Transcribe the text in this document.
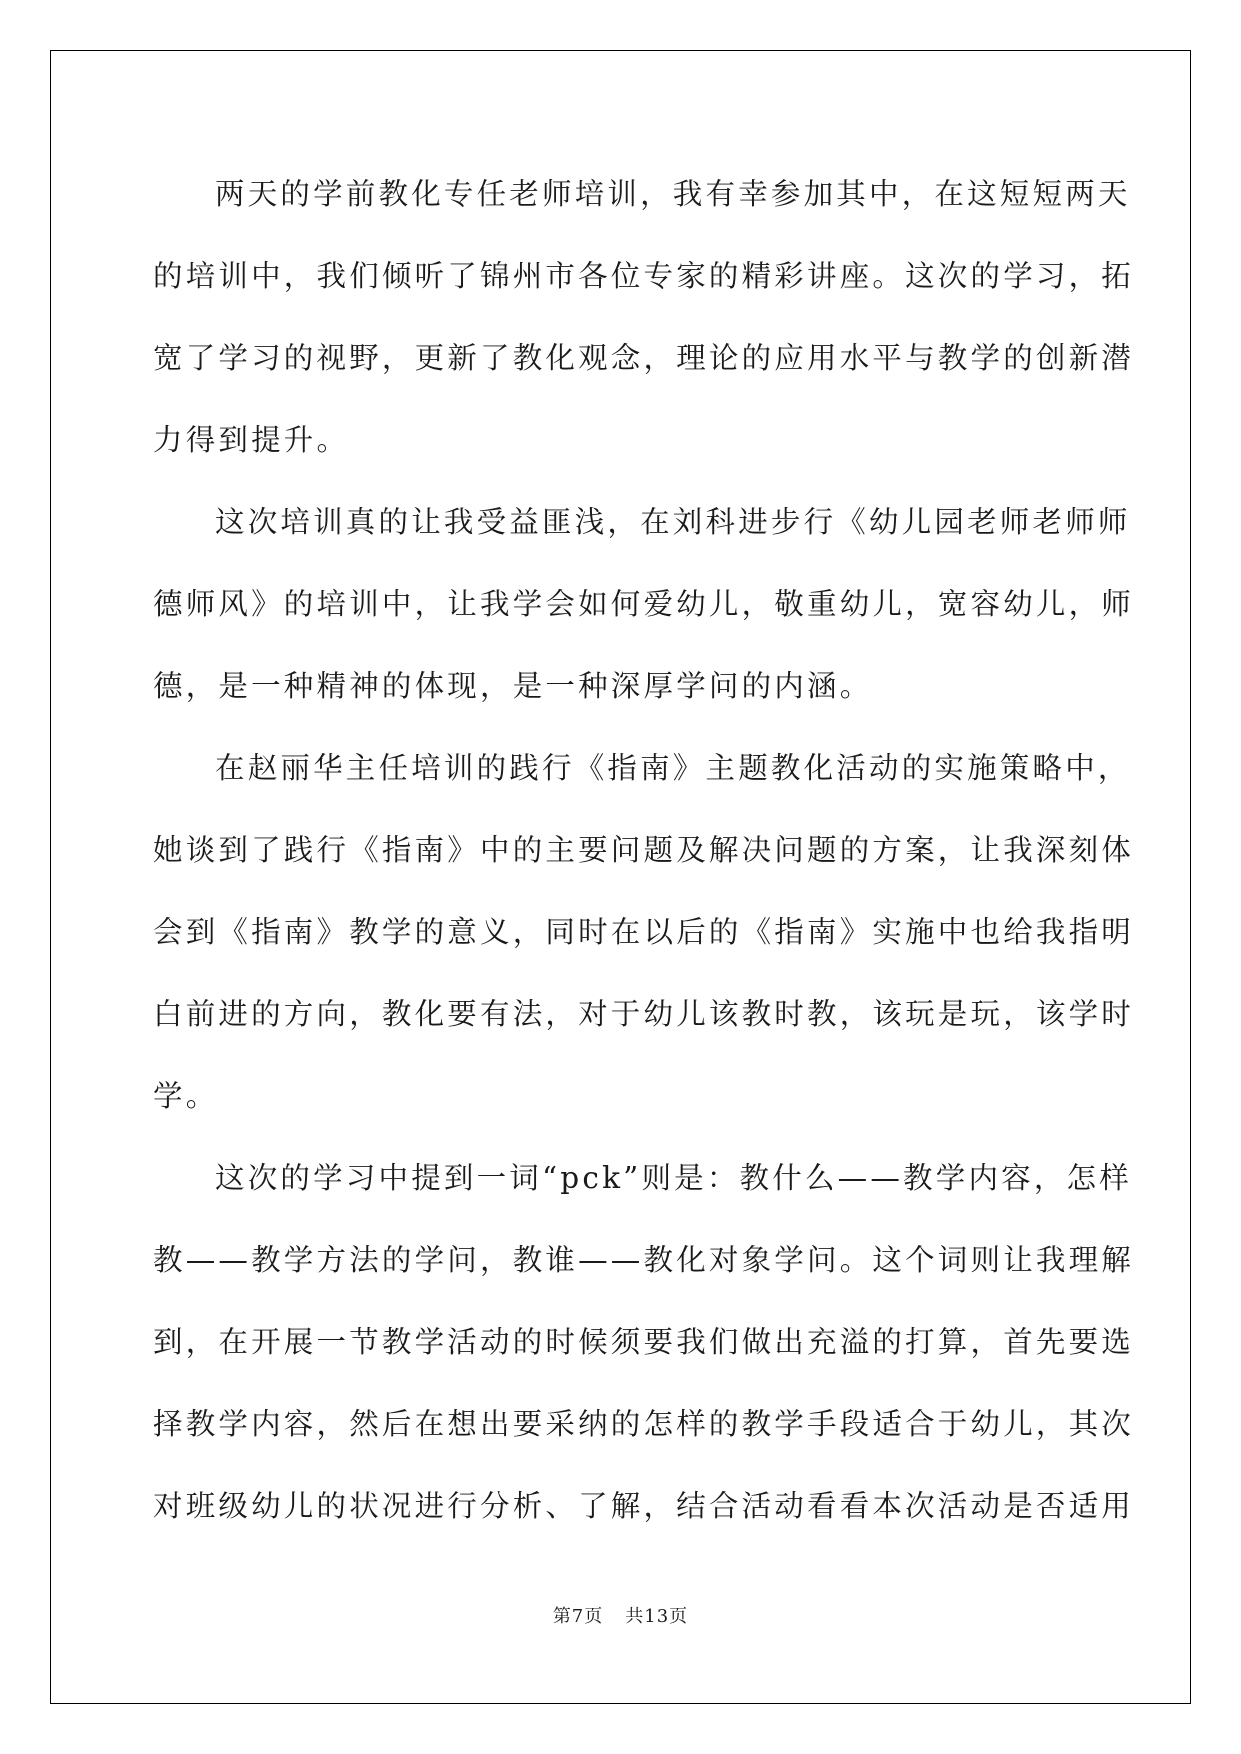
两天的学前教化专任老师培训，我有幸参加其中，在这短短两天
的培训中，我们倾听了锦州市各位专家的精彩讲座。这次的学习，拓
宽了学习的视野，更新了教化观念，理论的应用水平与教学的创新潜
力得到提升。
这次培训真的让我受益匪浅，在刘科进步行《幼儿园老师老师师
德师风》的培训中，让我学会如何爱幼儿，敬重幼儿，宽容幼儿，师
德，是一种精神的体现，是一种深厚学问的内涵。
在赵丽华主任培训的践行《指南》主题教化活动的实施策略中，
她谈到了践行《指南》中的主要问题及解决问题的方案，让我深刻体
会到《指南》教学的意义，同时在以后的《指南》实施中也给我指明
白前进的方向，教化要有法，对于幼儿该教时教，该玩是玩，该学时
学。
这次的学习中提到一词“pck”则是：教什么——教学内容，怎样
教——教学方法的学问，教谁——教化对象学问。这个词则让我理解
到，在开展一节教学活动的时候须要我们做出充溢的打算，首先要选
择教学内容，然后在想出要采纳的怎样的教学手段适合于幼儿，其次
对班级幼儿的状况进行分析、了解，结合活动看看本次活动是否适用
第7页 共13页
